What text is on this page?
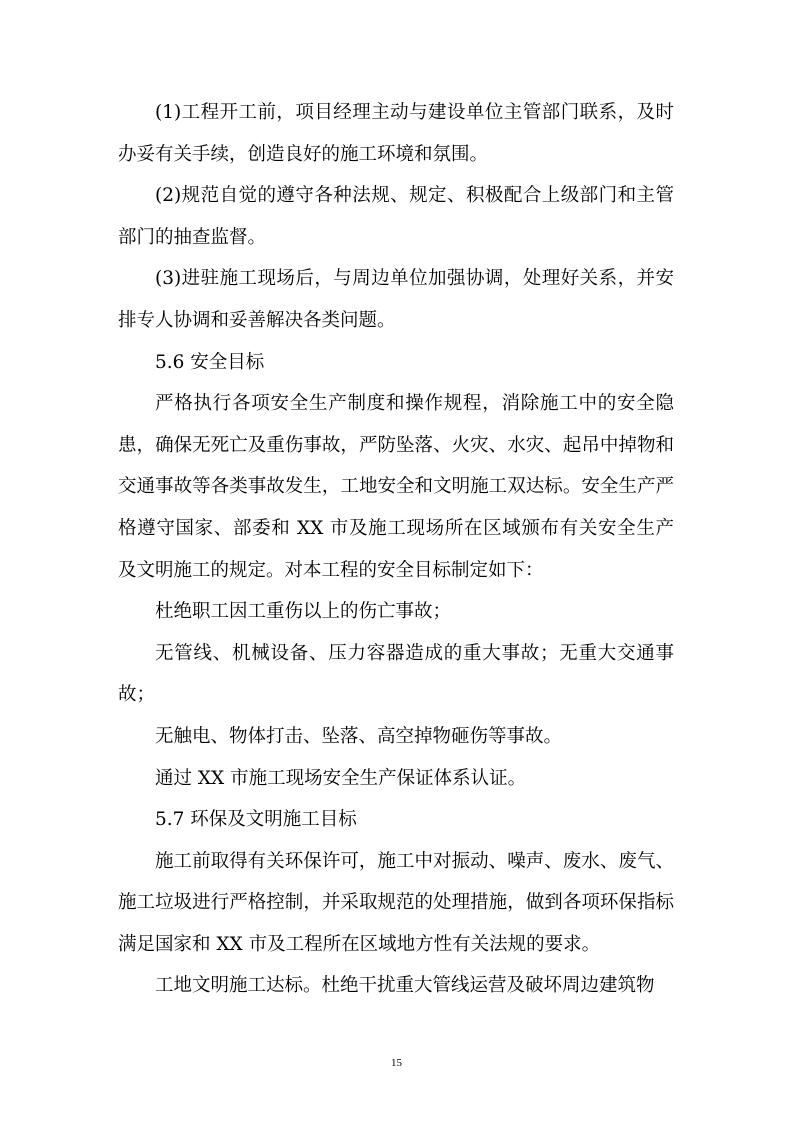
(1)工程开工前，项目经理主动与建设单位主管部门联系，及时办妥有关手续，创造良好的施工环境和氛围。

(2)规范自觉的遵守各种法规、规定、积极配合上级部门和主管部门的抽查监督。

(3)进驻施工现场后，与周边单位加强协调，处理好关系，并安排专人协调和妥善解决各类问题。

5.6 安全目标

严格执行各项安全生产制度和操作规程，消除施工中的安全隐患，确保无死亡及重伤事故，严防坠落、火灾、水灾、起吊中掉物和交通事故等各类事故发生，工地安全和文明施工双达标。安全生产严格遵守国家、部委和 XX 市及施工现场所在区域颁布有关安全生产及文明施工的规定。对本工程的安全目标制定如下：

杜绝职工因工重伤以上的伤亡事故；

无管线、机械设备、压力容器造成的重大事故；无重大交通事故；

无触电、物体打击、坠落、高空掉物砸伤等事故。

通过 XX 市施工现场安全生产保证体系认证。

5.7 环保及文明施工目标

施工前取得有关环保许可，施工中对振动、噪声、废水、废气、施工垃圾进行严格控制，并采取规范的处理措施，做到各项环保指标满足国家和 XX 市及工程所在区域地方性有关法规的要求。

工地文明施工达标。杜绝干扰重大管线运营及破坏周边建筑物

15
